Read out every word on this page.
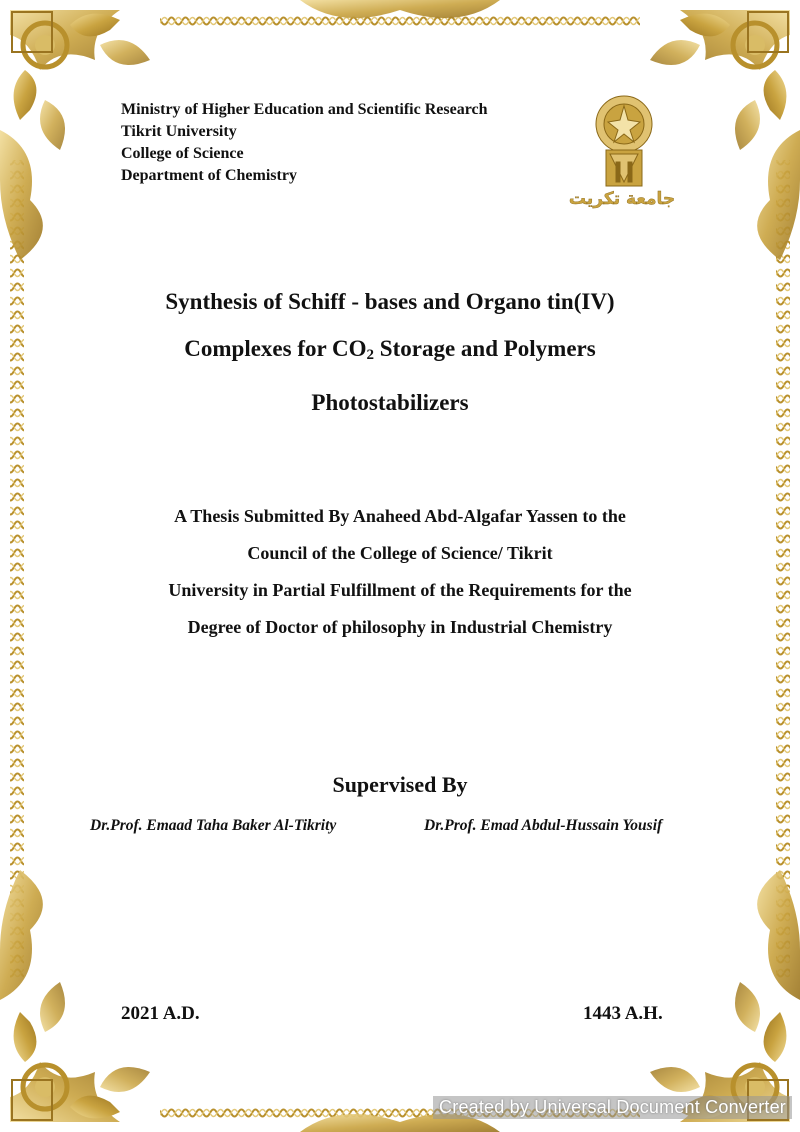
Ministry of Higher Education and Scientific Research
Tikrit University
College of Science
Department of Chemistry
جامعة تكريت
Synthesis of Schiff - bases and Organo tin(IV)
Complexes for CO2 Storage and Polymers
Photostabilizers
A Thesis Submitted By Anaheed Abd-Algafar Yassen to the
Council of the College of Science/ Tikrit
University in Partial Fulfillment of the Requirements for the
Degree of Doctor of philosophy in Industrial Chemistry
Supervised By
Dr.Prof. Emaad Taha Baker Al-Tikrity	Dr.Prof. Emad Abdul-Hussain Yousif
2021 A.D.	1443 A.H.
Created by Universal Document Converter
